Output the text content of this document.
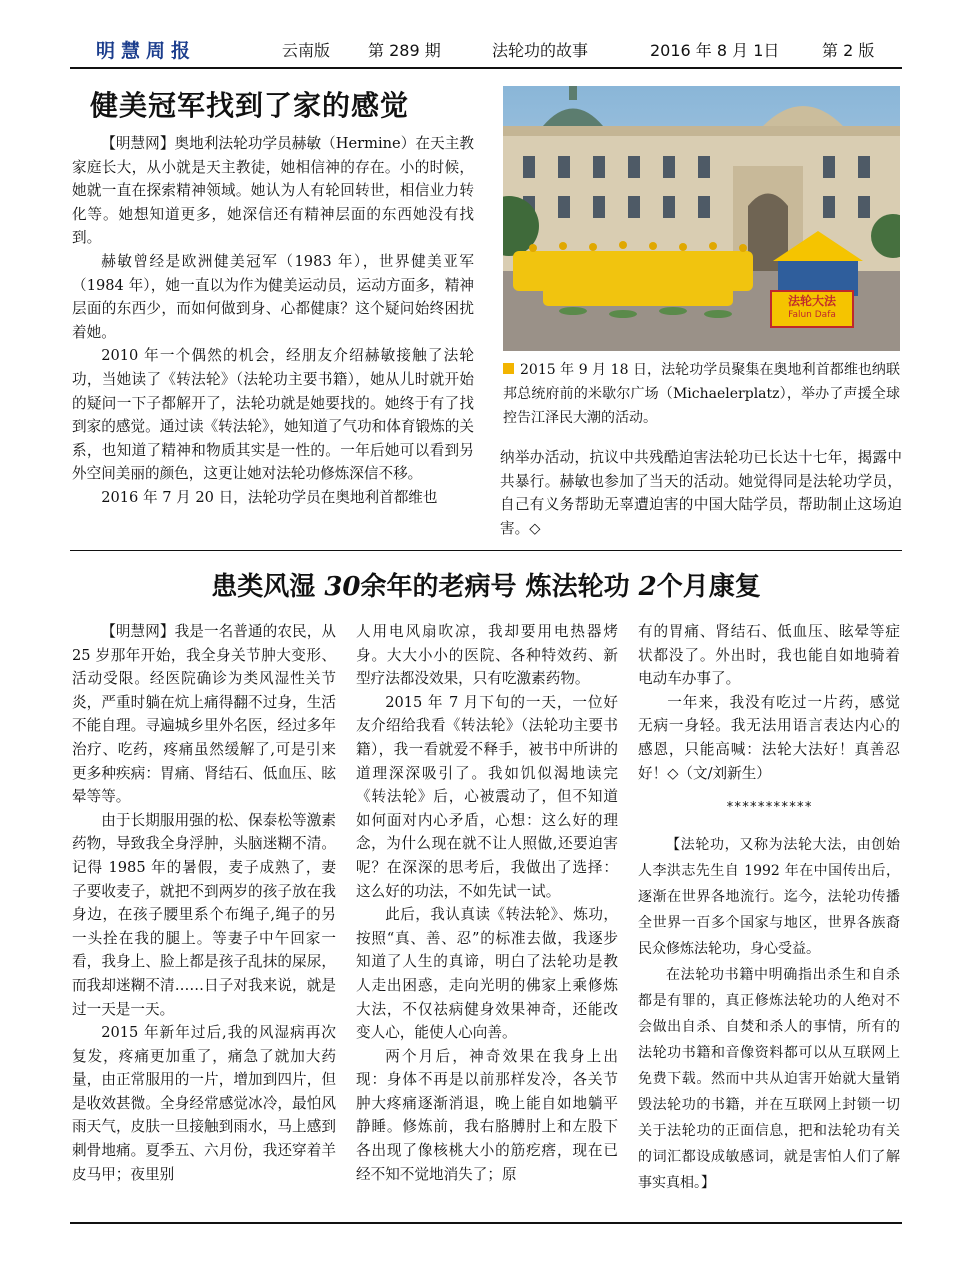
明慧周报	云南版 第 289 期	法轮功的故事	2016 年 8 月 1日	第 2 版
健美冠军找到了家的感觉

【明慧网】奥地利法轮功学员赫敏（Hermine）在天主教家庭长大，从小就是天主教徒，她相信神的存在。小的时候，她就一直在探索精神领域。她认为人有轮回转世，相信业力转化等。她想知道更多，她深信还有精神层面的东西她没有找到。

赫敏曾经是欧洲健美冠军（1983 年），世界健美亚军（1984 年），她一直以为作为健美运动员，运动方面多，精神层面的东西少，而如何做到身、心都健康？这个疑问始终困扰着她。

2010 年一个偶然的机会，经朋友介绍赫敏接触了法轮功，当她读了《转法轮》（法轮功主要书籍），她从儿时就开始的疑问一下子都解开了，法轮功就是她要找的。她终于有了找到家的感觉。通过读《转法轮》，她知道了气功和体育锻炼的关系，也知道了精神和物质其实是一性的。一年后她可以看到另外空间美丽的颜色，这更让她对法轮功修炼深信不移。

2016 年 7 月 20 日，法轮功学员在奥地利首都维也

法轮大法
Falun Dafa
2015 年 9 月 18 日，法轮功学员聚集在奥地利首都维也纳联邦总统府前的米歇尔广场（Michaelerplatz），举办了声援全球控告江泽民大潮的活动。

纳举办活动，抗议中共残酷迫害法轮功已长达十七年，揭露中共暴行。赫敏也参加了当天的活动。她觉得同是法轮功学员，自己有义务帮助无辜遭迫害的中国大陆学员，帮助制止这场迫害。◇

患类风湿 30余年的老病号 炼法轮功 2个月康复

【明慧网】我是一名普通的农民，从 25 岁那年开始，我全身关节肿大变形、活动受限。经医院确诊为类风湿性关节炎，严重时躺在炕上痛得翻不过身，生活不能自理。寻遍城乡里外名医，经过多年治疗、吃药，疼痛虽然缓解了,可是引来更多种疾病：胃痛、肾结石、低血压、眩晕等等。

由于长期服用强的松、保泰松等激素药物，导致我全身浮肿，头脑迷糊不清。记得 1985 年的暑假，麦子成熟了，妻子要收麦子，就把不到两岁的孩子放在我身边，在孩子腰里系个布绳子,绳子的另一头拴在我的腿上。等妻子中午回家一看，我身上、脸上都是孩子乱抹的屎尿，而我却迷糊不清……日子对我来说，就是过一天是一天。

2015 年新年过后,我的风湿病再次复发，疼痛更加重了，痛急了就加大药量，由正常服用的一片，增加到四片，但是收效甚微。全身经常感觉冰冷，最怕风雨天气，皮肤一旦接触到雨水，马上感到刺骨地痛。夏季五、六月份，我还穿着羊皮马甲；夜里别

人用电风扇吹凉，我却要用电热器烤身。大大小小的医院、各种特效药、新型疗法都没效果，只有吃激素药物。

2015 年 7 月下旬的一天，一位好友介绍给我看《转法轮》（法轮功主要书籍），我一看就爱不释手，被书中所讲的道理深深吸引了。我如饥似渴地读完《转法轮》后，心被震动了，但不知道如何面对内心矛盾，心想：这么好的理念，为什么现在就不让人照做,还要迫害呢？在深深的思考后，我做出了选择：这么好的功法，不如先试一试。

此后，我认真读《转法轮》、炼功，按照“真、善、忍”的标准去做，我逐步知道了人生的真谛，明白了法轮功是教人走出困惑，走向光明的佛家上乘修炼大法，不仅祛病健身效果神奇，还能改变人心，能使人心向善。

两个月后，神奇效果在我身上出现：身体不再是以前那样发冷，各关节肿大疼痛逐渐消退，晚上能自如地躺平静睡。修炼前，我右胳膊肘上和左股下各出现了像核桃大小的筋疙瘩，现在已经不知不觉地消失了；原

有的胃痛、肾结石、低血压、眩晕等症状都没了。外出时，我也能自如地骑着电动车办事了。

一年来，我没有吃过一片药，感觉无病一身轻。我无法用语言表达内心的感恩，只能高喊：法轮大法好！真善忍好！◇（文/刘新生）

***********

【法轮功，又称为法轮大法，由创始人李洪志先生自 1992 年在中国传出后，逐渐在世界各地流行。迄今，法轮功传播全世界一百多个国家与地区，世界各族裔民众修炼法轮功，身心受益。

在法轮功书籍中明确指出杀生和自杀都是有罪的，真正修炼法轮功的人绝对不会做出自杀、自焚和杀人的事情，所有的法轮功书籍和音像资料都可以从互联网上免费下载。然而中共从迫害开始就大量销毁法轮功的书籍，并在互联网上封锁一切关于法轮功的正面信息，把和法轮功有关的词汇都设成敏感词，就是害怕人们了解事实真相。】
